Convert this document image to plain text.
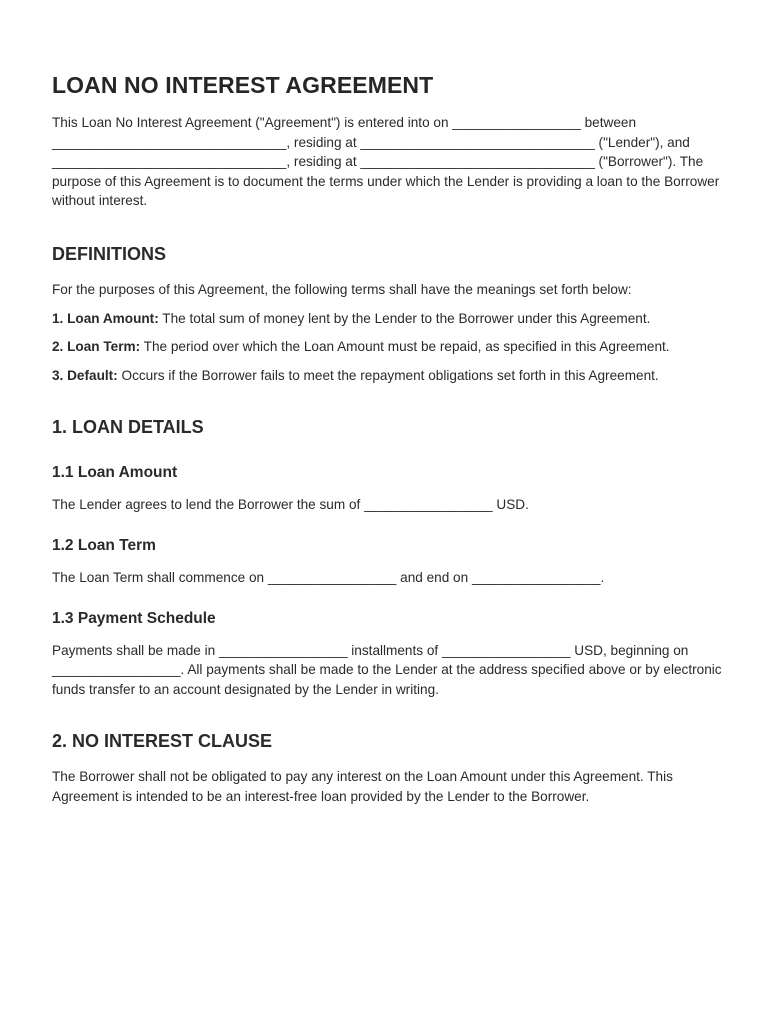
LOAN NO INTEREST AGREEMENT

This Loan No Interest Agreement ("Agreement") is entered into on _________________ between _______________________________, residing at _______________________________ ("Lender"), and _______________________________, residing at _______________________________ ("Borrower"). The purpose of this Agreement is to document the terms under which the Lender is providing a loan to the Borrower without interest.

DEFINITIONS

For the purposes of this Agreement, the following terms shall have the meanings set forth below:

1. Loan Amount: The total sum of money lent by the Lender to the Borrower under this Agreement.

2. Loan Term: The period over which the Loan Amount must be repaid, as specified in this Agreement.

3. Default: Occurs if the Borrower fails to meet the repayment obligations set forth in this Agreement.

1. LOAN DETAILS
1.1 Loan Amount

The Lender agrees to lend the Borrower the sum of _________________ USD.

1.2 Loan Term

The Loan Term shall commence on _________________ and end on _________________.

1.3 Payment Schedule

Payments shall be made in _________________ installments of _________________ USD, beginning on _________________. All payments shall be made to the Lender at the address specified above or by electronic funds transfer to an account designated by the Lender in writing.

2. NO INTEREST CLAUSE

The Borrower shall not be obligated to pay any interest on the Loan Amount under this Agreement. This Agreement is intended to be an interest-free loan provided by the Lender to the Borrower.
